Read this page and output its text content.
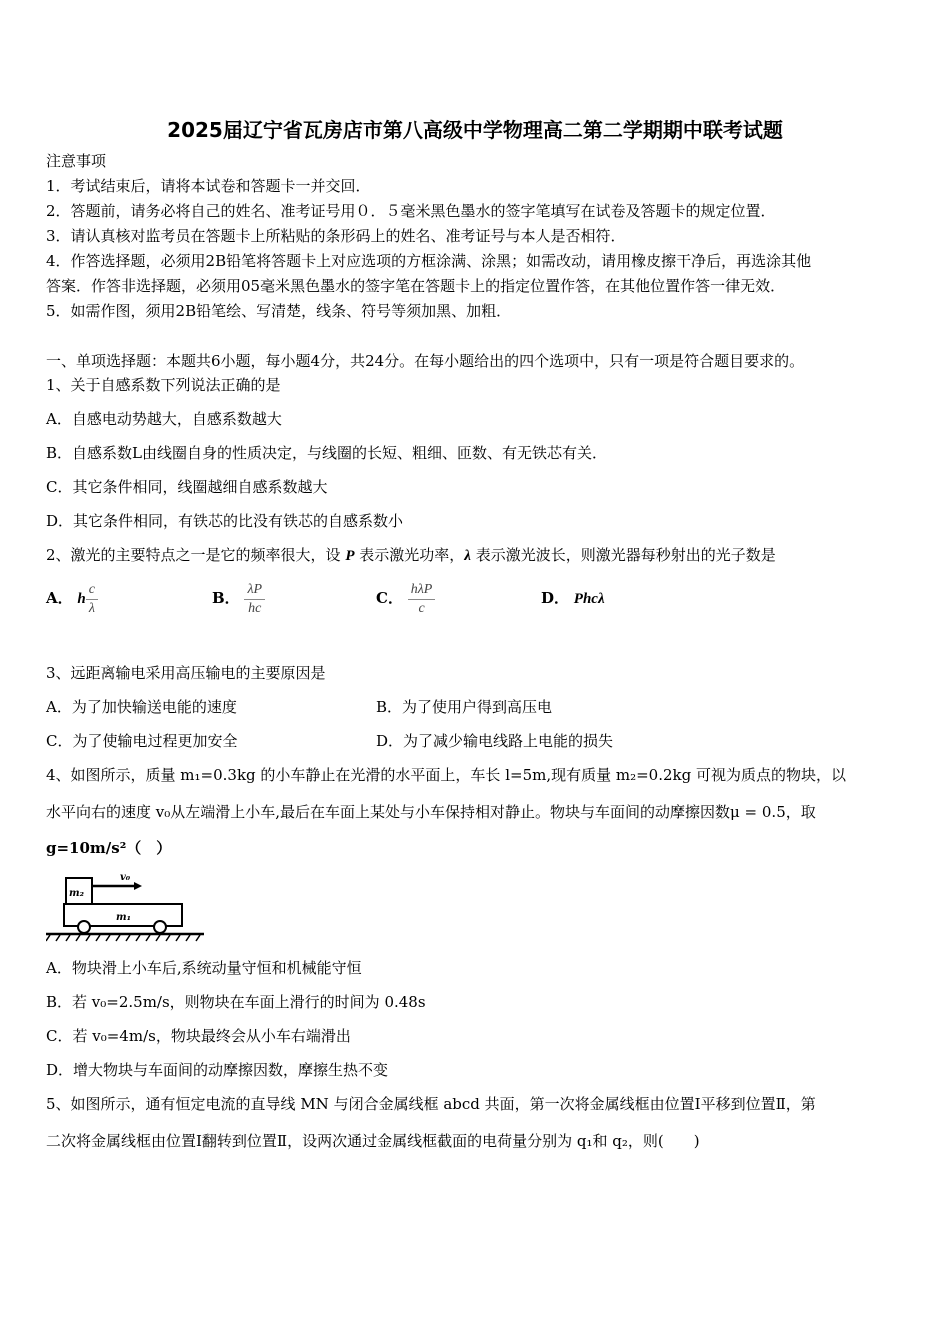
2025届辽宁省瓦房店市第八高级中学物理高二第二学期期中联考试题
注意事项
1．考试结束后，请将本试卷和答题卡一并交回．
2．答题前，请务必将自己的姓名、准考证号用０．５毫米黑色墨水的签字笔填写在试卷及答题卡的规定位置．
3．请认真核对监考员在答题卡上所粘贴的条形码上的姓名、准考证号与本人是否相符．
4．作答选择题，必须用2B铅笔将答题卡上对应选项的方框涂满、涂黑；如需改动，请用橡皮擦干净后，再选涂其他
答案．作答非选择题，必须用05毫米黑色墨水的签字笔在答题卡上的指定位置作答，在其他位置作答一律无效．
5．如需作图，须用2B铅笔绘、写清楚，线条、符号等须加黑、加粗．
一、单项选择题：本题共6小题，每小题4分，共24分。在每小题给出的四个选项中，只有一项是符合题目要求的。
1、关于自感系数下列说法正确的是
A．自感电动势越大，自感系数越大
B．自感系数L由线圈自身的性质决定，与线圈的长短、粗细、匝数、有无铁芯有关．
C．其它条件相同，线圈越细自感系数越大
D．其它条件相同，有铁芯的比没有铁芯的自感系数小
2、激光的主要特点之一是它的频率很大，设 P 表示激光功率，λ 表示激光波长，则激光器每秒射出的光子数是
A． h $\frac{c}{\lambda}$	B． $\frac{\lambda P}{hc}$	C． $\frac{\text{hλP}}{c}$	D． Phcλ
3、远距离输电采用高压输电的主要原因是
A．为了加快输送电能的速度	B．为了使用户得到高压电
C．为了使输电过程更加安全	D．为了减少输电线路上电能的损失
4、如图所示，质量 m₁=0.3kg 的小车静止在光滑的水平面上，车长 l=5m,现有质量 m₂=0.2kg 可视为质点的物块，以
水平向右的速度 v₀从左端滑上小车,最后在车面上某处与小车保持相对静止。物块与车面间的动摩擦因数μ = 0.5，取
g=10m/s²（　）
m₂
m₁
v₀
A．物块滑上小车后,系统动量守恒和机械能守恒
B．若 v₀=2.5m/s，则物块在车面上滑行的时间为 0.48s
C．若 v₀=4m/s，物块最终会从小车右端滑出
D．增大物块与车面间的动摩擦因数，摩擦生热不变
5、如图所示，通有恒定电流的直导线 MN 与闭合金属线框 abcd 共面，第一次将金属线框由位置Ⅰ平移到位置Ⅱ，第
二次将金属线框由位置Ⅰ翻转到位置Ⅱ，设两次通过金属线框截面的电荷量分别为 q₁和 q₂，则(　　)
